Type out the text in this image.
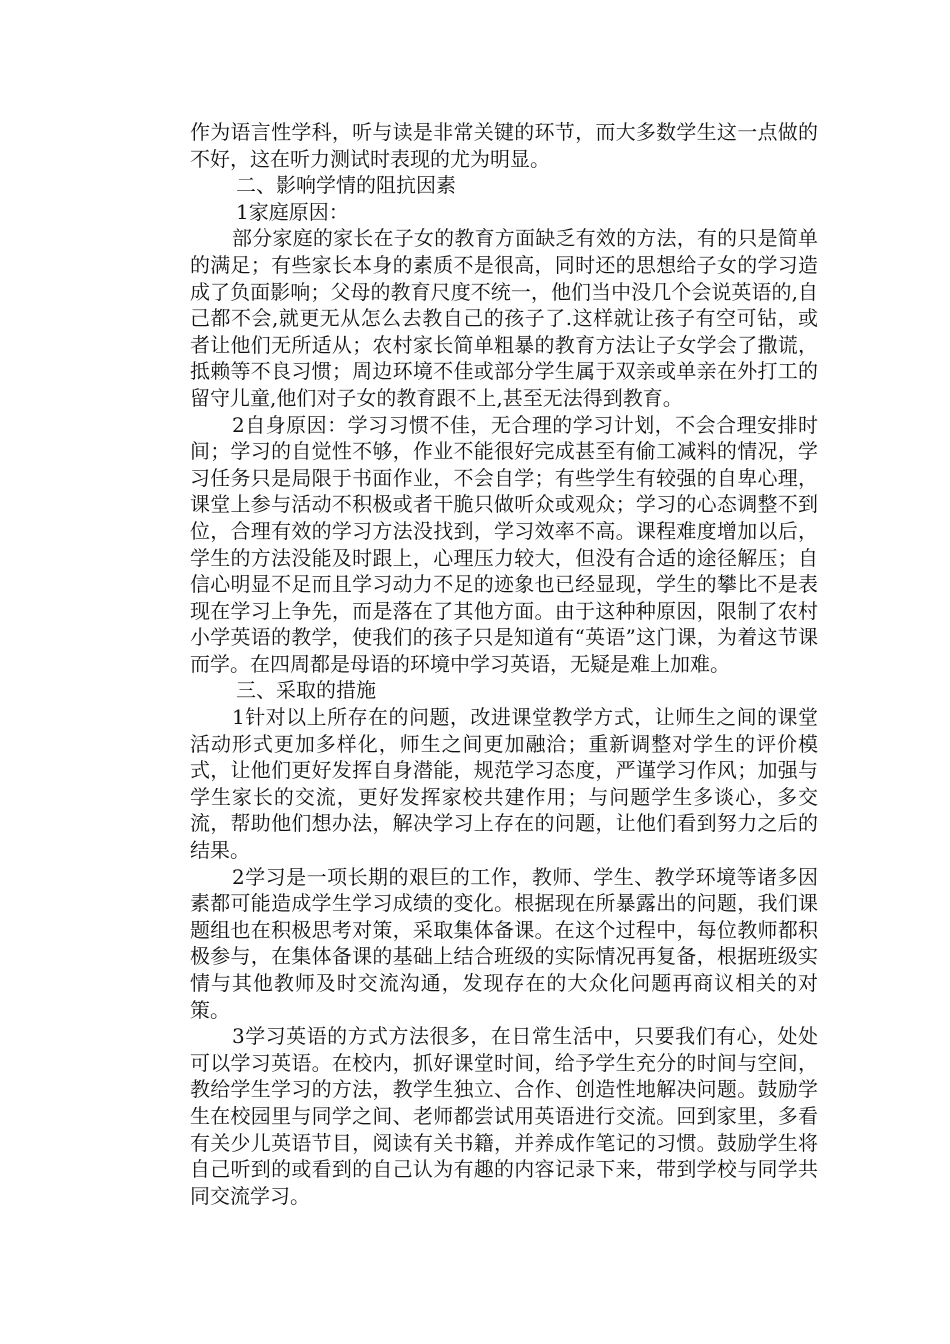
作为语言性学科，听与读是非常关键的环节，而大多数学生这一点做的不好，这在听力测试时表现的尤为明显。

二、影响学情的阻抗因素

1家庭原因：

部分家庭的家长在子女的教育方面缺乏有效的方法，有的只是简单的满足；有些家长本身的素质不是很高，同时还的思想给子女的学习造成了负面影响；父母的教育尺度不统一，他们当中没几个会说英语的,自己都不会,就更无从怎么去教自己的孩子了.这样就让孩子有空可钻，或者让他们无所适从；农村家长简单粗暴的教育方法让子女学会了撒谎，抵赖等不良习惯；周边环境不佳或部分学生属于双亲或单亲在外打工的留守儿童,他们对子女的教育跟不上,甚至无法得到教育。

2自身原因：学习习惯不佳，无合理的学习计划，不会合理安排时间；学习的自觉性不够，作业不能很好完成甚至有偷工减料的情况，学习任务只是局限于书面作业，不会自学；有些学生有较强的自卑心理，课堂上参与活动不积极或者干脆只做听众或观众；学习的心态调整不到位，合理有效的学习方法没找到，学习效率不高。课程难度增加以后，学生的方法没能及时跟上，心理压力较大，但没有合适的途径解压；自信心明显不足而且学习动力不足的迹象也已经显现，学生的攀比不是表现在学习上争先，而是落在了其他方面。由于这种种原因，限制了农村小学英语的教学，使我们的孩子只是知道有“英语”这门课，为着这节课而学。在四周都是母语的环境中学习英语，无疑是难上加难。

三、采取的措施

1针对以上所存在的问题，改进课堂教学方式，让师生之间的课堂活动形式更加多样化，师生之间更加融洽；重新调整对学生的评价模式，让他们更好发挥自身潜能，规范学习态度，严谨学习作风；加强与学生家长的交流，更好发挥家校共建作用；与问题学生多谈心，多交流，帮助他们想办法，解决学习上存在的问题，让他们看到努力之后的结果。

2学习是一项长期的艰巨的工作，教师、学生、教学环境等诸多因素都可能造成学生学习成绩的变化。根据现在所暴露出的问题，我们课题组也在积极思考对策，采取集体备课。在这个过程中，每位教师都积极参与，在集体备课的基础上结合班级的实际情况再复备，根据班级实情与其他教师及时交流沟通，发现存在的大众化问题再商议相关的对策。

3学习英语的方式方法很多，在日常生活中，只要我们有心，处处可以学习英语。在校内，抓好课堂时间，给予学生充分的时间与空间，教给学生学习的方法，教学生独立、合作、创造性地解决问题。鼓励学生在校园里与同学之间、老师都尝试用英语进行交流。回到家里，多看有关少儿英语节目，阅读有关书籍，并养成作笔记的习惯。鼓励学生将自己听到的或看到的自己认为有趣的内容记录下来，带到学校与同学共同交流学习。
